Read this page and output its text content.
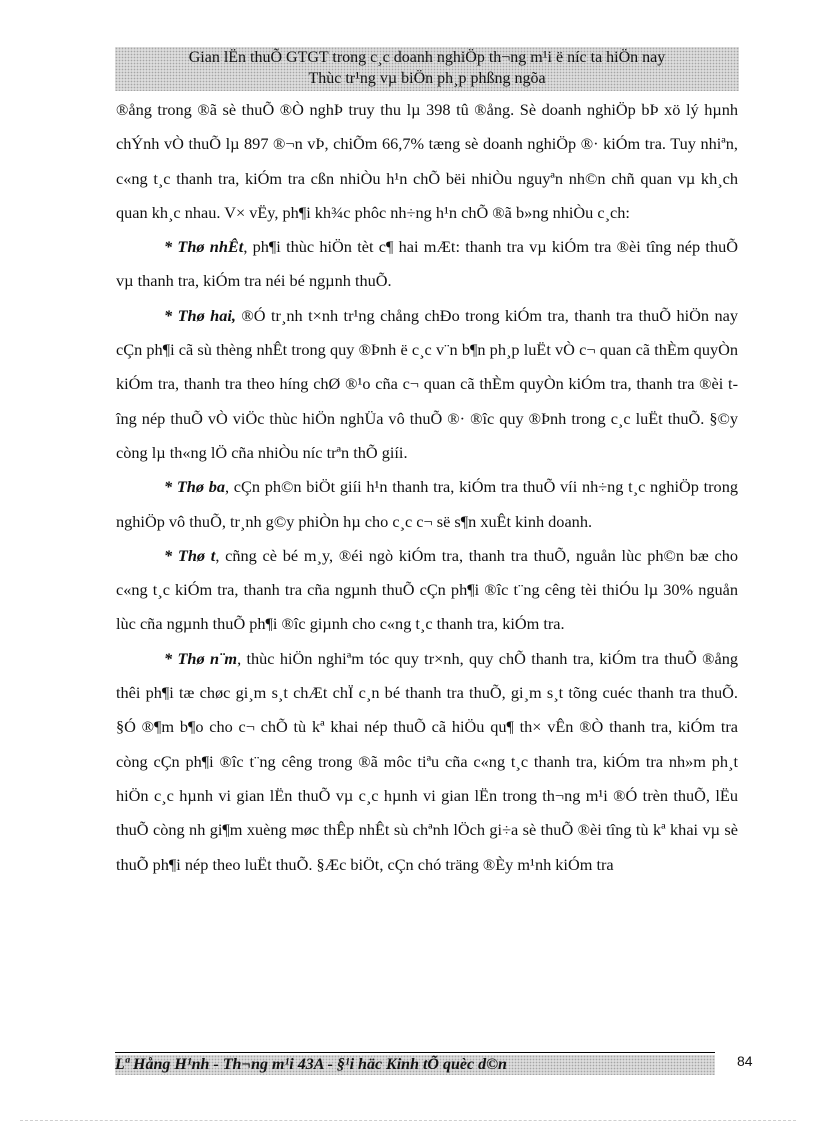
Gian lËn thuÕ GTGT trong c¸c doanh nghiÖp th¬ng m¹i ë níc ta hiÖn nay
Thùc tr¹ng vµ biÖn ph¸p phßng ngõa

®ång trong ®ã sè thuÕ ®Ò nghÞ truy thu lµ 398 tû ®ång. Sè doanh nghiÖp bÞ xö lý hµnh chÝnh vÒ thuÕ lµ 897 ®¬n vÞ, chiÕm 66,7% tæng sè doanh nghiÖp ®· kiÓm tra. Tuy nhiªn, c«ng t¸c thanh tra, kiÓm tra cßn nhiÒu h¹n chÕ bëi nhiÒu nguyªn nh©n chñ quan vµ kh¸ch quan kh¸c nhau. V× vËy, ph¶i kh¾c phôc nh÷ng h¹n chÕ ®ã b»ng nhiÒu c¸ch:

* Thø nhÊt, ph¶i thùc hiÖn tèt c¶ hai mÆt: thanh tra vµ kiÓm tra ®èi tîng nép thuÕ vµ thanh tra, kiÓm tra néi bé ngµnh thuÕ.

* Thø hai, ®Ó tr¸nh t×nh tr¹ng chång chÐo trong kiÓm tra, thanh tra thuÕ hiÖn nay cÇn ph¶i cã sù thèng nhÊt trong quy ®Þnh ë c¸c v¨n b¶n ph¸p luËt vÒ c¬ quan cã thÈm quyÒn kiÓm tra, thanh tra theo híng chØ ®¹o cña c¬ quan cã thÈm quyÒn kiÓm tra, thanh tra ®èi tîng nép thuÕ vÒ viÖc thùc hiÖn nghÜa vô thuÕ ®· ®îc quy ®Þnh trong c¸c luËt thuÕ. §©y còng lµ th«ng lÖ cña nhiÒu níc trªn thÕ giíi.

* Thø ba, cÇn ph©n biÖt giíi h¹n thanh tra, kiÓm tra thuÕ víi nh÷ng t¸c nghiÖp trong nghiÖp vô thuÕ, tr¸nh g©y phiÒn hµ cho c¸c c¬ së s¶n xuÊt kinh doanh.

* Thø t, cñng cè bé m¸y, ®éi ngò kiÓm tra, thanh tra thuÕ, nguån lùc ph©n bæ cho c«ng t¸c kiÓm tra, thanh tra cña ngµnh thuÕ cÇn ph¶i ®îc t¨ng cêng tèi thiÓu lµ 30% nguån lùc cña ngµnh thuÕ ph¶i ®îc giµnh cho c«ng t¸c thanh tra, kiÓm tra.

* Thø n¨m, thùc hiÖn nghiªm tóc quy tr×nh, quy chÕ thanh tra, kiÓm tra thuÕ ®ång thêi ph¶i tæ chøc gi¸m s¸t chÆt chÏ c¸n bé thanh tra thuÕ, gi¸m s¸t tõng cuéc thanh tra thuÕ. §Ó ®¶m b¶o cho c¬ chÕ tù kª khai nép thuÕ cã hiÖu qu¶ th× vÊn ®Ò thanh tra, kiÓm tra còng cÇn ph¶i ®îc t¨ng cêng trong ®ã môc tiªu cña c«ng t¸c thanh tra, kiÓm tra nh»m ph¸t hiÖn c¸c hµnh vi gian lËn thuÕ vµ c¸c hµnh vi gian lËn trong th¬ng m¹i ®Ó trèn thuÕ, lËu thuÕ còng nh gi¶m xuèng møc thÊp nhÊt sù chªnh lÖch gi÷a sè thuÕ ®èi tîng tù kª khai vµ sè thuÕ ph¶i nép theo luËt thuÕ. §Æc biÖt, cÇn chó träng ®Èy m¹nh kiÓm tra

Lª Hång H¹nh - Th¬ng m¹i 43A - §¹i häc Kinh tÕ quèc d©n	84
